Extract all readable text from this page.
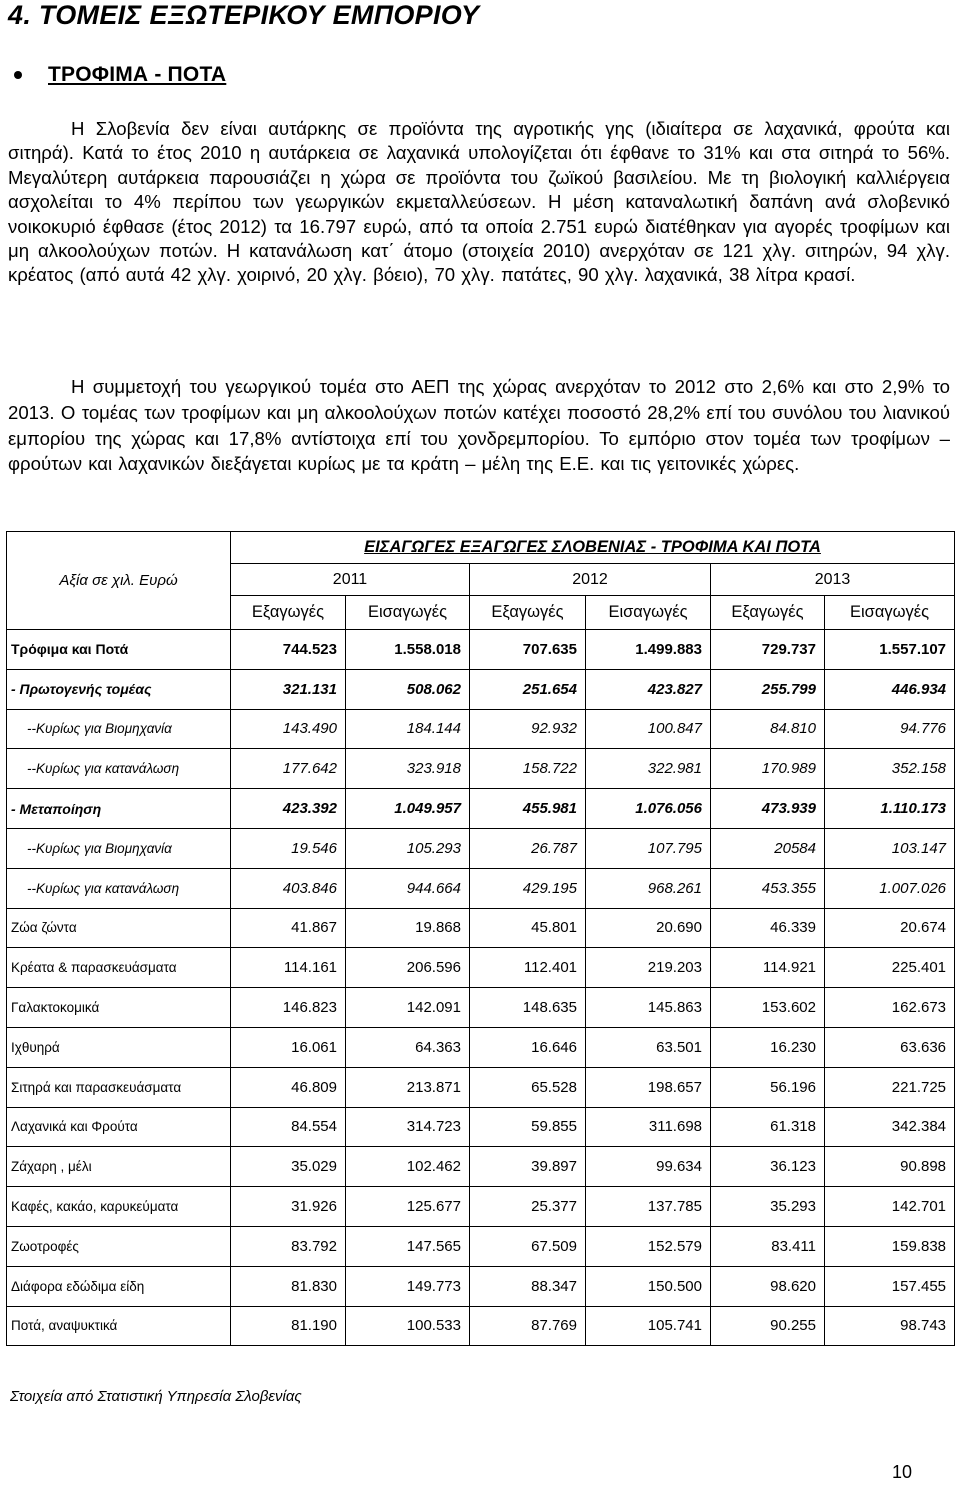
4. ΤΟΜΕΙΣ ΕΞΩΤΕΡΙΚΟΥ ΕΜΠΟΡΙΟΥ
ΤΡΟΦΙΜΑ - ΠΟΤΑ
Η Σλοβενία δεν είναι αυτάρκης σε προϊόντα της αγροτικής γης (ιδιαίτερα σε λαχανικά, φρούτα και σιτηρά). Κατά το έτος 2010 η αυτάρκεια σε λαχανικά υπολογίζεται ότι έφθανε το 31% και στα σιτηρά το 56%. Μεγαλύτερη αυτάρκεια παρουσιάζει η χώρα σε προϊόντα του ζωϊκού βασιλείου. Με τη βιολογική καλλιέργεια ασχολείται το 4% περίπου των γεωργικών εκμεταλλεύσεων. Η μέση καταναλωτική δαπάνη ανά σλοβενικό νοικοκυριό έφθασε (έτος 2012) τα 16.797 ευρώ, από τα οποία 2.751 ευρώ διατέθηκαν για αγορές τροφίμων και μη αλκοολούχων ποτών. Η κατανάλωση κατ΄ άτομο (στοιχεία 2010) ανερχόταν σε 121 χλγ. σιτηρών, 94 χλγ. κρέατος (από αυτά 42 χλγ. χοιρινό, 20 χλγ. βόειο), 70 χλγ. πατάτες, 90 χλγ. λαχανικά, 38 λίτρα κρασί.
Η συμμετοχή του γεωργικού τομέα στο ΑΕΠ της χώρας ανερχόταν το 2012 στο 2,6% και στο 2,9% το 2013. Ο τομέας των τροφίμων και μη αλκοολούχων ποτών κατέχει ποσοστό 28,2% επί του συνόλου του λιανικού εμπορίου της χώρας και 17,8% αντίστοιχα επί του χονδρεμπορίου. Το εμπόριο στον τομέα των τροφίμων – φρούτων και λαχανικών διεξάγεται κυρίως με τα κράτη – μέλη της Ε.Ε. και τις γειτονικές χώρες.
Αξία σε χιλ. Ευρώ	ΕΙΣΑΓΩΓΕΣ ΕΞΑΓΩΓΕΣ ΣΛΟΒΕΝΙΑΣ - ΤΡΟΦΙΜΑ ΚΑΙ ΠΟΤΑ					
	2011		2012		2013	
	Εξαγωγές	Εισαγωγές	Εξαγωγές	Εισαγωγές	Εξαγωγές	Εισαγωγές
Τρόφιμα και Ποτά	744.523	1.558.018	707.635	1.499.883	729.737	1.557.107
- Πρωτογενής τομέας	321.131	508.062	251.654	423.827	255.799	446.934
--Κυρίως για Βιομηχανία	143.490	184.144	92.932	100.847	84.810	94.776
--Κυρίως για κατανάλωση	177.642	323.918	158.722	322.981	170.989	352.158
- Μεταποίηση	423.392	1.049.957	455.981	1.076.056	473.939	1.110.173
--Κυρίως για Βιομηχανία	19.546	105.293	26.787	107.795	20584	103.147
--Κυρίως για κατανάλωση	403.846	944.664	429.195	968.261	453.355	1.007.026
Ζώα ζώντα	41.867	19.868	45.801	20.690	46.339	20.674
Κρέατα & παρασκευάσματα	114.161	206.596	112.401	219.203	114.921	225.401
Γαλακτοκομικά	146.823	142.091	148.635	145.863	153.602	162.673
Ιχθυηρά	16.061	64.363	16.646	63.501	16.230	63.636
Σιτηρά και παρασκευάσματα	46.809	213.871	65.528	198.657	56.196	221.725
Λαχανικά και Φρούτα	84.554	314.723	59.855	311.698	61.318	342.384
Ζάχαρη , μέλι	35.029	102.462	39.897	99.634	36.123	90.898
Καφές, κακάο, καρυκεύματα	31.926	125.677	25.377	137.785	35.293	142.701
Ζωοτροφές	83.792	147.565	67.509	152.579	83.411	159.838
Διάφορα εδώδιμα είδη	81.830	149.773	88.347	150.500	98.620	157.455
Ποτά, αναψυκτικά	81.190	100.533	87.769	105.741	90.255	98.743
Στοιχεία από Στατιστική Υπηρεσία Σλοβενίας
10
